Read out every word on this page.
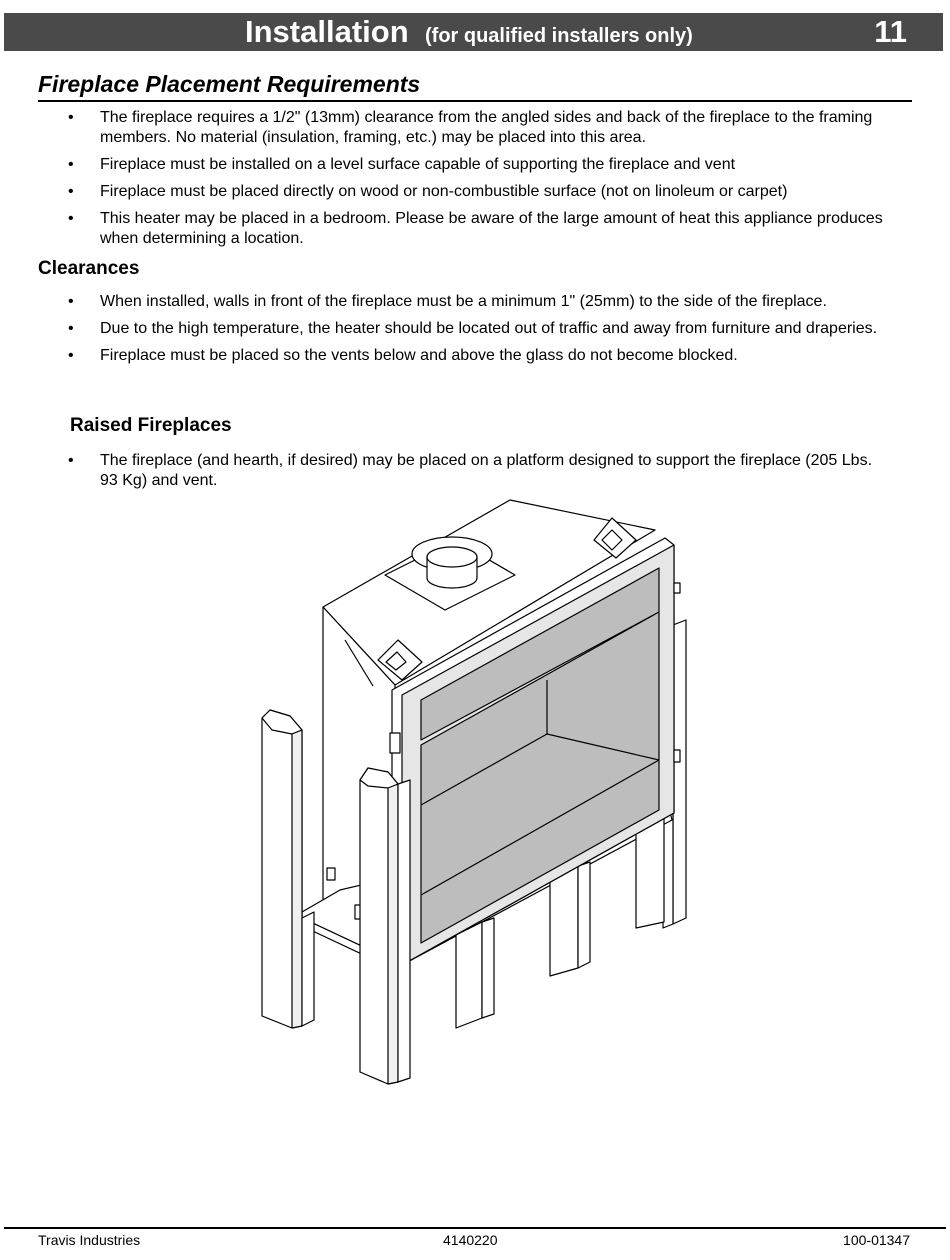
Installation (for qualified installers only)	11
Fireplace Placement Requirements
• The fireplace requires a 1/2" (13mm) clearance from the angled sides and back of the fireplace to the framing members. No material (insulation, framing, etc.) may be placed into this area.
• Fireplace must be installed on a level surface capable of supporting the fireplace and vent
• Fireplace must be placed directly on wood or non-combustible surface (not on linoleum or carpet)
• This heater may be placed in a bedroom. Please be aware of the large amount of heat this appliance produces when determining a location.
Clearances
• When installed, walls in front of the fireplace must be a minimum 1" (25mm) to the side of the fireplace.
• Due to the high temperature, the heater should be located out of traffic and away from furniture and draperies.
• Fireplace must be placed so the vents below and above the glass do not become blocked.
Raised Fireplaces
• The fireplace (and hearth, if desired) may be placed on a platform designed to support the fireplace (205 Lbs. 93 Kg) and vent.
Travis Industries	4140220	100-01347
